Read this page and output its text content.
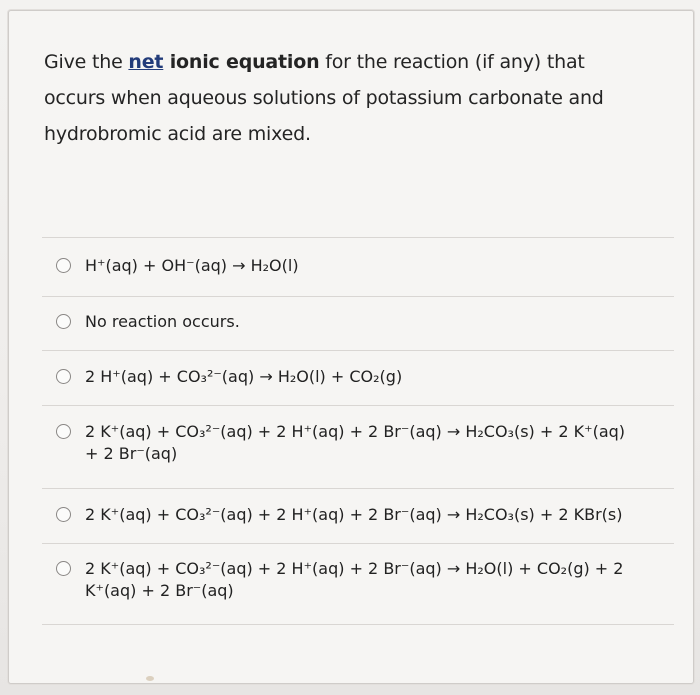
Give the net ionic equation for the reaction (if any) that
occurs when aqueous solutions of potassium carbonate and
hydrobromic acid are mixed.
H⁺(aq) + OH⁻(aq) → H₂O(l)
No reaction occurs.
2 H⁺(aq) + CO₃²⁻(aq) → H₂O(l) + CO₂(g)
2 K⁺(aq) + CO₃²⁻(aq) + 2 H⁺(aq) + 2 Br⁻(aq) → H₂CO₃(s) + 2 K⁺(aq)
+ 2 Br⁻(aq)
2 K⁺(aq) + CO₃²⁻(aq) + 2 H⁺(aq) + 2 Br⁻(aq) → H₂CO₃(s) + 2 KBr(s)
2 K⁺(aq) + CO₃²⁻(aq) + 2 H⁺(aq) + 2 Br⁻(aq) → H₂O(l) + CO₂(g) + 2
K⁺(aq) + 2 Br⁻(aq)
